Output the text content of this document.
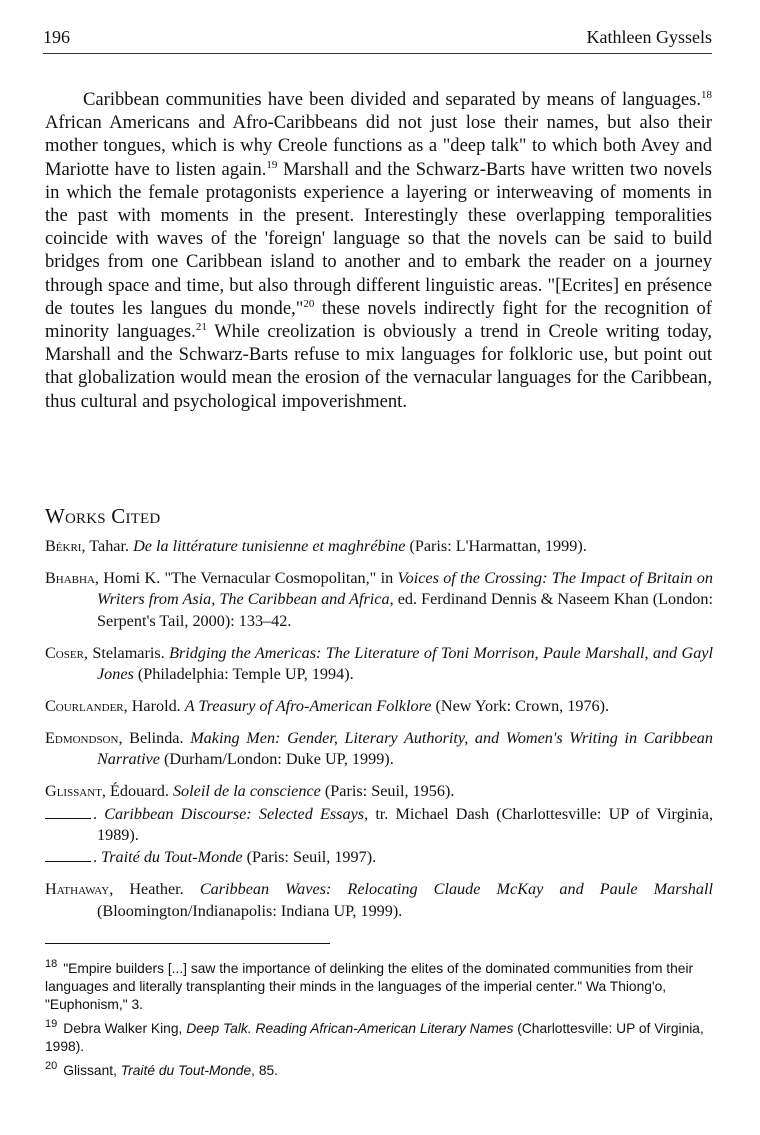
196	Kathleen Gyssels

Caribbean communities have been divided and separated by means of languages.$^{18}$ African Americans and Afro-Caribbeans did not just lose their names, but also their mother tongues, which is why Creole functions as a "deep talk" to which both Avey and Mariotte have to listen again.$^{19}$ Marshall and the Schwarz-Barts have written two novels in which the female protagonists experience a layering or interweaving of moments in the past with moments in the present. Interestingly these overlapping temporalities coincide with waves of the 'foreign' language so that the novels can be said to build bridges from one Caribbean island to another and to embark the reader on a journey through space and time, but also through different linguistic areas. "[Ecrites] en présence de toutes les langues du monde,"$^{20}$ these novels indirectly fight for the recognition of minority languages.$^{21}$ While creolization is obviously a trend in Creole writing today, Marshall and the Schwarz-Barts refuse to mix languages for folkloric use, but point out that globalization would mean the erosion of the vernacular languages for the Caribbean, thus cultural and psychological impoverishment.

Works Cited

Békri, Tahar. De la littérature tunisienne et maghrébine (Paris: L'Harmattan, 1999).

Bhabha, Homi K. "The Vernacular Cosmopolitan," in Voices of the Crossing: The Impact of Britain on Writers from Asia, The Caribbean and Africa, ed. Ferdinand Dennis & Naseem Khan (London: Serpent's Tail, 2000): 133–42.

Coser, Stelamaris. Bridging the Americas: The Literature of Toni Morrison, Paule Marshall, and Gayl Jones (Philadelphia: Temple UP, 1994).

Courlander, Harold. A Treasury of Afro-American Folklore (New York: Crown, 1976).

Edmondson, Belinda. Making Men: Gender, Literary Authority, and Women's Writing in Caribbean Narrative (Durham/London: Duke UP, 1999).

Glissant, Édouard. Soleil de la conscience (Paris: Seuil, 1956).

. Caribbean Discourse: Selected Essays, tr. Michael Dash (Charlottesville: UP of Virginia, 1989).

. Traité du Tout-Monde (Paris: Seuil, 1997).

Hathaway, Heather. Caribbean Waves: Relocating Claude McKay and Paule Marshall (Bloomington/Indianapolis: Indiana UP, 1999).

$^{18}$ "Empire builders [...] saw the importance of delinking the elites of the dominated communities from their languages and literally transplanting their minds in the languages of the imperial center." Wa Thiong'o, "Euphonism," 3.

$^{19}$ Debra Walker King, Deep Talk. Reading African-American Literary Names (Charlottesville: UP of Virginia, 1998).

$^{20}$ Glissant, Traité du Tout-Monde, 85.
